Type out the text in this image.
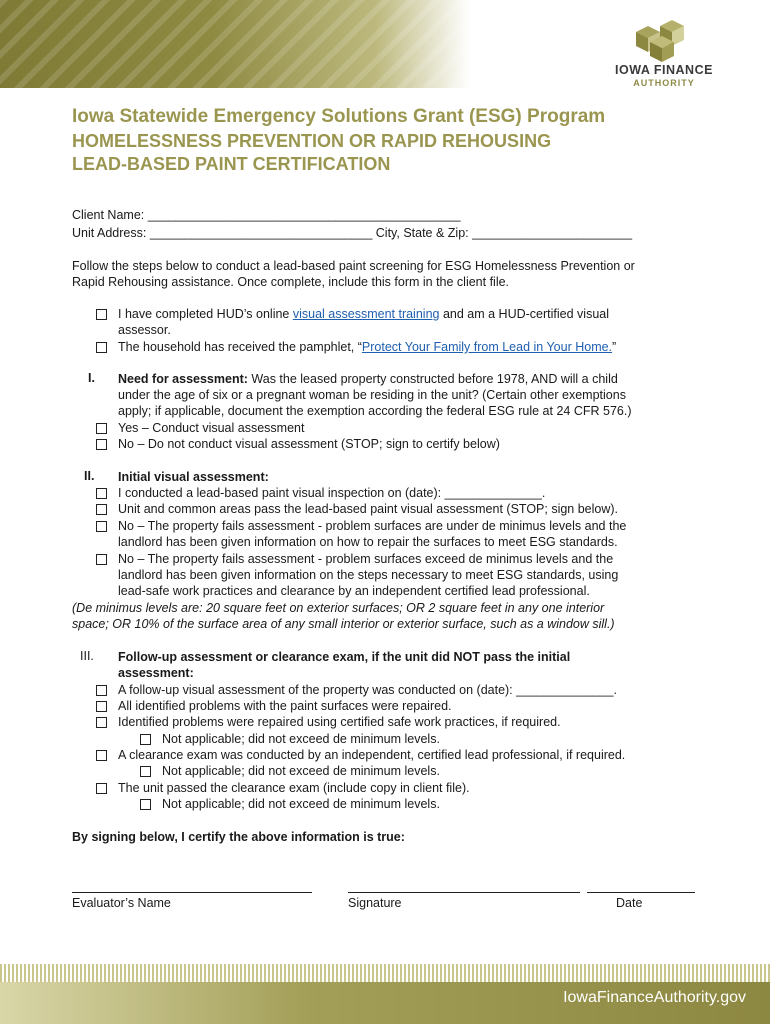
IOWA FINANCE
AUTHORITY
Iowa Statewide Emergency Solutions Grant (ESG) Program
HOMELESSNESS PREVENTION OR RAPID REHOUSING
LEAD-BASED PAINT CERTIFICATION
Client Name: _____________________________________________
Unit Address: ________________________________ City, State & Zip: _______________________
Follow the steps below to conduct a lead-based paint screening for ESG Homelessness Prevention or
Rapid Rehousing assistance. Once complete, include this form in the client file.
I have completed HUD’s online visual assessment training and am a HUD-certified visual
assessor.
The household has received the pamphlet, “Protect Your Family from Lead in Your Home.”
I. Need for assessment: Was the leased property constructed before 1978, AND will a child
under the age of six or a pregnant woman be residing in the unit? (Certain other exemptions
apply; if applicable, document the exemption according the federal ESG rule at 24 CFR 576.)
Yes – Conduct visual assessment
No – Do not conduct visual assessment (STOP; sign to certify below)
II. Initial visual assessment:
I conducted a lead-based paint visual inspection on (date): ______________.
Unit and common areas pass the lead-based paint visual assessment (STOP; sign below).
No – The property fails assessment - problem surfaces are under de minimus levels and the
landlord has been given information on how to repair the surfaces to meet ESG standards.
No – The property fails assessment - problem surfaces exceed de minimus levels and the
landlord has been given information on the steps necessary to meet ESG standards, using
lead-safe work practices and clearance by an independent certified lead professional.
(De minimus levels are: 20 square feet on exterior surfaces; OR 2 square feet in any one interior
space; OR 10% of the surface area of any small interior or exterior surface, such as a window sill.)
III. Follow-up assessment or clearance exam, if the unit did NOT pass the initial
assessment:
A follow-up visual assessment of the property was conducted on (date): ______________.
All identified problems with the paint surfaces were repaired.
Identified problems were repaired using certified safe work practices, if required.
Not applicable; did not exceed de minimum levels.
A clearance exam was conducted by an independent, certified lead professional, if required.
Not applicable; did not exceed de minimum levels.
The unit passed the clearance exam (include copy in client file).
Not applicable; did not exceed de minimum levels.
By signing below, I certify the above information is true:
Evaluator’s Name	Signature	Date
IowaFinanceAuthority.gov
